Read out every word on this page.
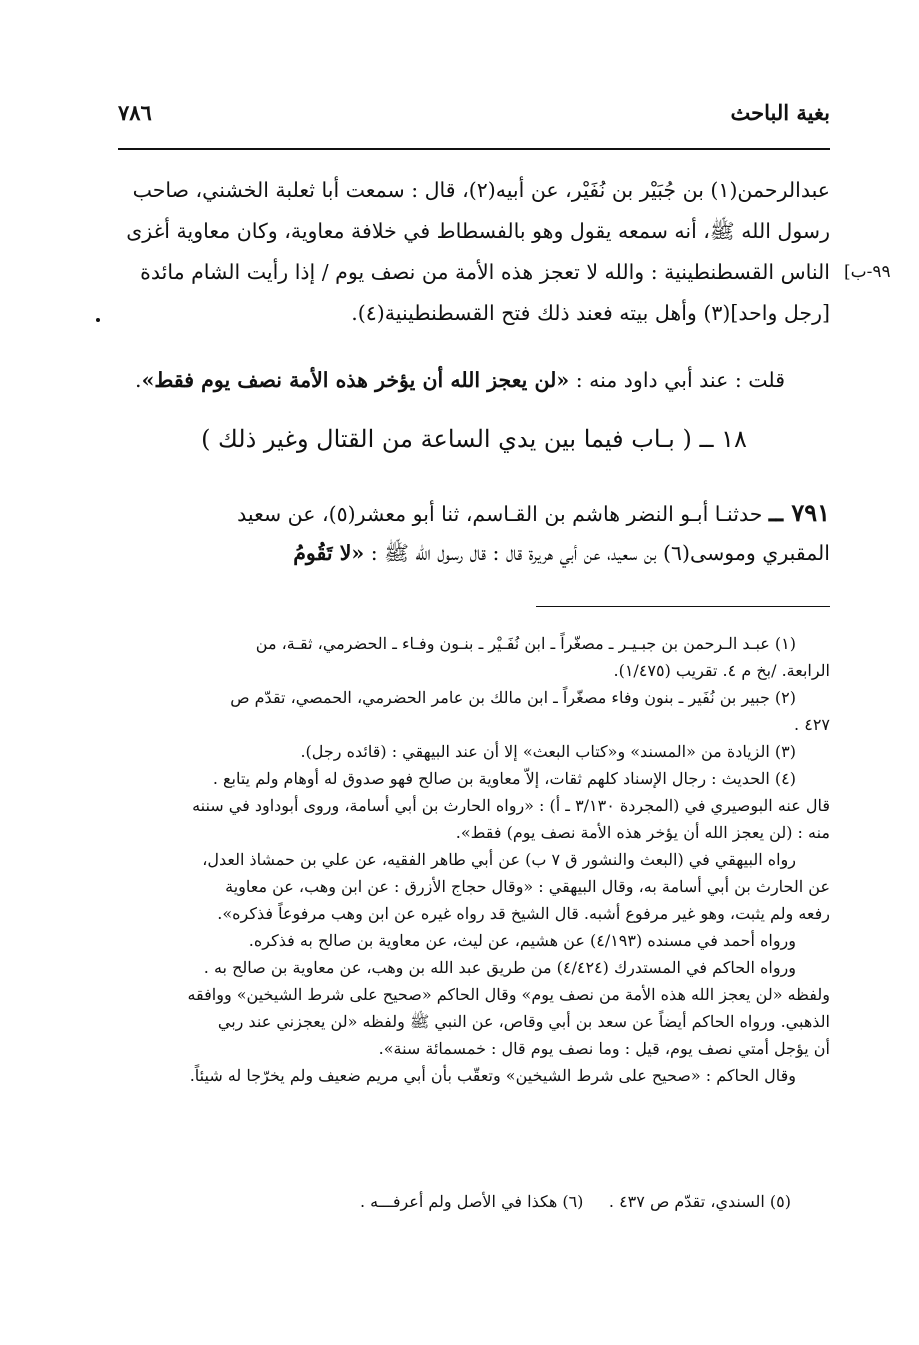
بغية الباحث
٧٨٦
عبدالرحمن(١) بن جُبَيْر بن نُفَيْر، عن أبيه(٢)، قال : سمعت أبا ثعلبة الخشني، صاحب
رسول الله ﷺ، أنه سمعه يقول وهو بالفسطاط في خلافة معاوية، وكان معاوية أغزى
الناس القسطنطينية : والله لا تعجز هذه الأمة من نصف يوم / إذا رأيت الشام مائدة
[رجل واحد](٣) وأهل بيته فعند ذلك فتح القسطنطينية(٤).
٩٩-ب]
قلت : عند أبي داود منه : «لن يعجز الله أن يؤخر هذه الأمة نصف يوم فقط».
١٨ ــ ( بـاب فيما بين يدي الساعة من القتال وغير ذلك )
٧٩١ ــ حدثنـا أبـو النضر هاشم بن القـاسم، ثنا أبو معشر(٥)، عن سعيد
المقبري وموسى(٦) بن سعيد، عن أبي هريرة قال : قال رسول الله ﷺ : «لا تَقُومُ
(١) عبـد الـرحمن بن جبـيـر ـ مصغّراً ـ ابن نُفَـيْر ـ بنـون وفـاء ـ الحضرمي، ثقـة، من
الرابعة. /بخ م ٤. تقريب (١/٤٧٥).
(٢) جبير بن نُفَير ـ بنون وفاء مصغّراً ـ ابن مالك بن عامر الحضرمي، الحمصي، تقدّم ص
٤٢٧ .
(٣) الزيادة من «المسند» و«كتاب البعث» إلا أن عند البيهقي : (قائده رجل).
(٤) الحديث : رجال الإسناد كلهم ثقات، إلاّ معاوية بن صالح فهو صدوق له أوهام ولم يتابع .
قال عنه البوصيري في (المجردة ٣/١٣٠ ـ أ) : «رواه الحارث بن أبي أسامة، وروى أبوداود في سننه
منه : (لن يعجز الله أن يؤخر هذه الأمة نصف يوم) فقط».
رواه البيهقي في (البعث والنشور ق ٧ ب) عن أبي طاهر الفقيه، عن علي بن حمشاذ العدل،
عن الحارث بن أبي أسامة به، وقال البيهقي : «وقال حجاج الأزرق : عن ابن وهب، عن معاوية
رفعه ولم يثبت، وهو غير مرفوع أشبه. قال الشيخ قد رواه غيره عن ابن وهب مرفوعاً فذكره».
ورواه أحمد في مسنده (٤/١٩٣) عن هشيم، عن ليث، عن معاوية بن صالح به فذكره.
ورواه الحاكم في المستدرك (٤/٤٢٤) من طريق عبد الله بن وهب، عن معاوية بن صالح به .
ولفظه «لن يعجز الله هذه الأمة من نصف يوم» وقال الحاكم «صحيح على شرط الشيخين» ووافقه
الذهبي. ورواه الحاكم أيضاً عن سعد بن أبي وقاص، عن النبي ﷺ ولفظه «لن يعجزني عند ربي
أن يؤجل أمتي نصف يوم، قيل : وما نصف يوم قال : خمسمائة سنة».
وقال الحاكم : «صحيح على شرط الشيخين» وتعقّب بأن أبي مريم ضعيف ولم يخرّجا له شيئاً.
(٥) السندي، تقدّم ص ٤٣٧ .
(٦) هكذا في الأصل ولم أعرفـــه .
